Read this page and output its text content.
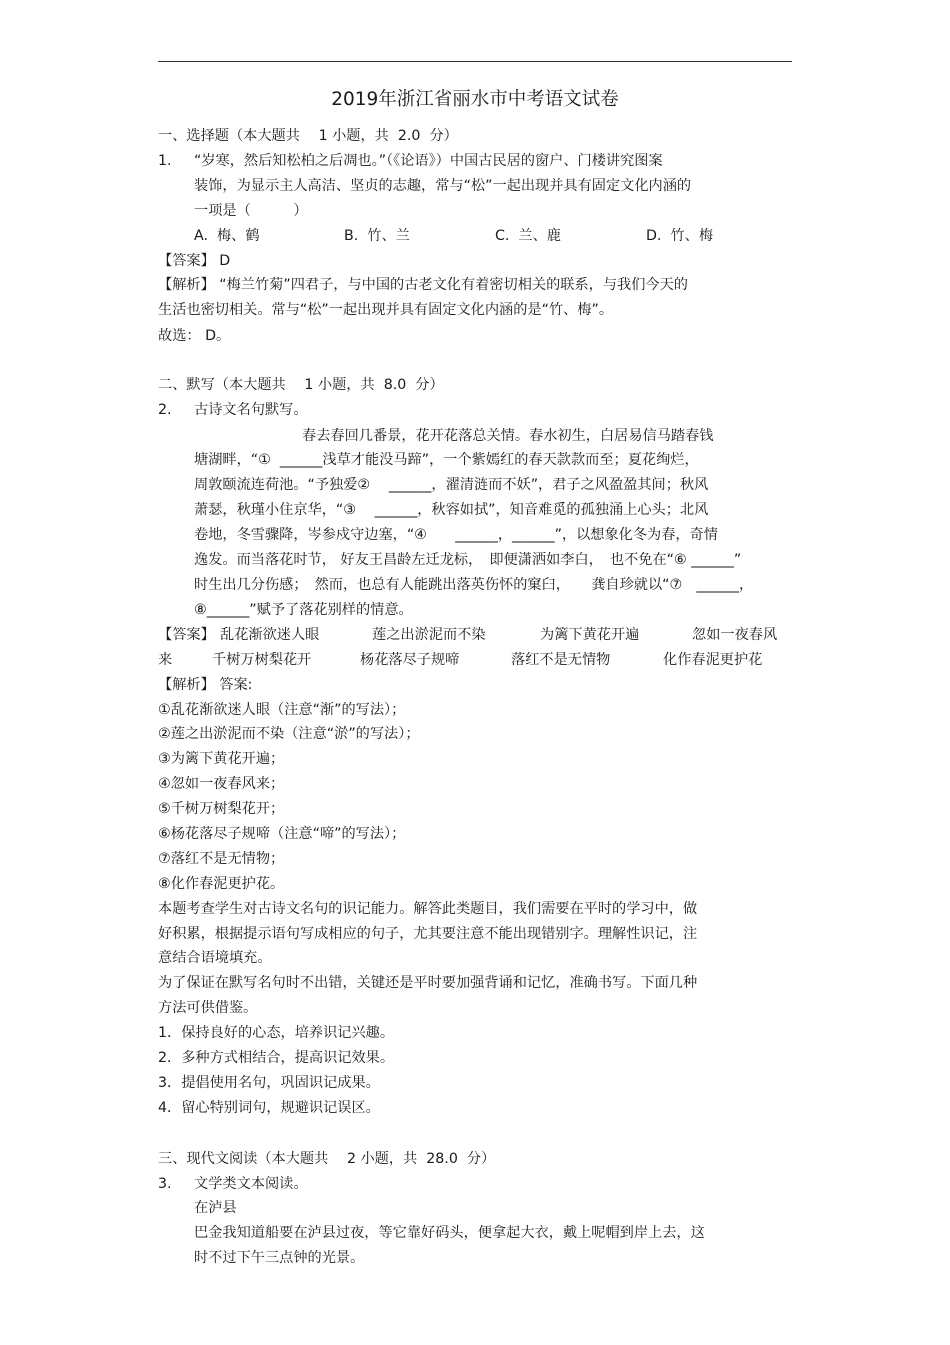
2019年浙江省丽水市中考语文试卷
一、选择题（本大题共　 1 小题，共  2.0  分）
1. “岁寒，然后知松柏之后凋也。”（《论语》）中国古民居的窗户、门楼讲究图案
装饰，为显示主人高洁、坚贞的志趣，常与“松”一起出现并具有固定文化内涵的
一项是（　　　）
A.  梅、鹤	B.  竹、兰	C.  兰、鹿	D.  竹、梅
【答案】 D
【解析】 “梅兰竹菊”四君子，与中国的古老文化有着密切相关的联系，与我们今天的
生活也密切相关。常与“松”一起出现并具有固定文化内涵的是“竹、梅”。
故选： D。
二、默写（本大题共　 1 小题，共  8.0  分）
2. 古诗文名句默写。
春去春回几番景，花开花落总关情。春水初生，白居易信马踏春钱
塘湖畔，“①  ______浅草才能没马蹄”，一个紫嫣红的春天款款而至；夏花绚烂，
周敦颐流连荷池。“予独爱②　 ______，濯清涟而不妖”，君子之风盈盈其间；秋风
萧瑟，秋瑾小住京华，“③　 ______，秋容如拭”，知音难觅的孤独涌上心头；北风
卷地，冬雪骤降，岑参戍守边塞，“④　　______，______”，以想象化冬为春，奇情
逸发。而当落花时节， 好友王昌龄左迁龙标，　即便潇洒如李白，　也不免在“⑥ ______”
时生出几分伤感；　然而，也总有人能跳出落英伤怀的窠臼，　　龚自珍就以“⑦　______，
⑧______”赋予了落花别样的情意。
【答案】 乱花渐欲迷人眼	莲之出淤泥而不染	为篱下黄花开遍	忽如一夜春风
来	千树万树梨花开	杨花落尽子规啼	落红不是无情物	化作春泥更护花
【解析】 答案:
①乱花渐欲迷人眼（注意“渐”的写法）；
②莲之出淤泥而不染（注意“淤”的写法）；
③为篱下黄花开遍；
④忽如一夜春风来；
⑤千树万树梨花开；
⑥杨花落尽子规啼（注意“啼”的写法）；
⑦落红不是无情物；
⑧化作春泥更护花。
本题考查学生对古诗文名句的识记能力。解答此类题目，我们需要在平时的学习中，做
好积累，根据提示语句写成相应的句子，尤其要注意不能出现错别字。理解性识记，注
意结合语境填充。
为了保证在默写名句时不出错，关键还是平时要加强背诵和记忆，准确书写。下面几种
方法可供借鉴。
1．保持良好的心态，培养识记兴趣。
2．多种方式相结合，提高识记效果。
3．提倡使用名句，巩固识记成果。
4．留心特别词句，规避识记误区。
三、现代文阅读（本大题共　 2 小题，共  28.0  分）
3. 文学类文本阅读。
在泸县
巴金我知道船要在泸县过夜，等它靠好码头，便拿起大衣，戴上呢帽到岸上去，这
时不过下午三点钟的光景。
